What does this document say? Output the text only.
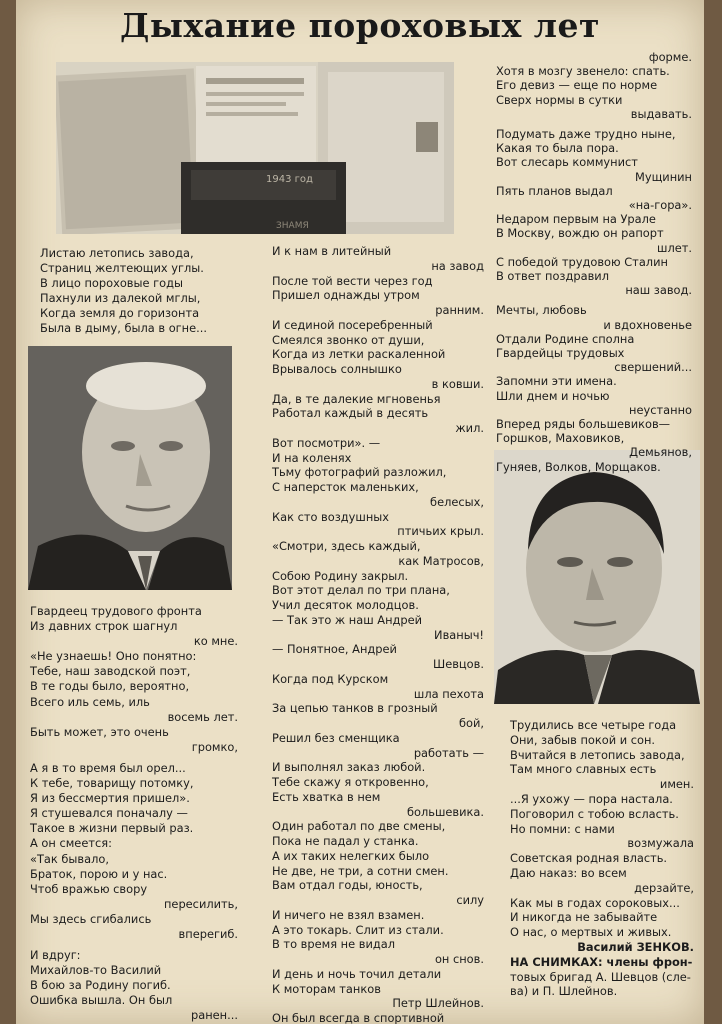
Дыхание пороховых лет
1943 год
ЗНАМЯ
Листаю летопись завода,
Страниц желтеющих углы.
В лицо пороховые годы
Пахнули из далекой мглы,
Когда земля до горизонта
Была в дыму, была в огне...
Гвардеец трудового фронта
Из давних строк шагнул
ко мне.
«Не узнаешь! Оно понятно:
Тебе, наш заводской поэт,
В те годы было, вероятно,
Всего иль семь, иль
восемь лет.
Быть может, это очень
громко,
А я в то время был орел...
К тебе, товарищу потомку,
Я из бессмертия пришел».
Я стушевался поначалу —
Такое в жизни первый раз.
А он смеется:
«Так бывало,
Браток, порою и у нас.
Чтоб вражью свору
пересилить,
Мы здесь сгибались
вперегиб.
И вдруг:
Михайлов-то Василий
В бою за Родину погиб.
Ошибка вышла. Он был
ранен...
И к нам в литейный
на завод
После той вести через год
Пришел однажды утром
ранним.
И сединой посеребренный
Смеялся звонко от души,
Когда из летки раскаленной
Врывалось солнышко
в ковши.
Да, в те далекие мгновенья
Работал каждый в десять
жил.
Вот посмотри». —
И на коленях
Тьму фотографий разложил,
С наперсток маленьких,
белесых,
Как сто воздушных
птичьих крыл.
«Смотри, здесь каждый,
как Матросов,
Собою Родину закрыл.
Вот этот делал по три плана,
Учил десяток молодцов.
— Так это ж наш Андрей
Иваныч!
— Понятное, Андрей
Шевцов.
Когда под Курском
шла пехота
За цепью танков в грозный
бой,
Решил без сменщика
работать —
И выполнял заказ любой.
Тебе скажу я откровенно,
Есть хватка в нем
большевика.
Один работал по две смены,
Пока не падал у станка.
А их таких нелегких было
Не две, не три, а сотни смен.
Вам отдал годы, юность,
силу
И ничего не взял взамен.
А это токарь. Слит из стали.
В то время не видал
он снов.
И день и ночь точил детали
К моторам танков
Петр Шлейнов.
Он был всегда в спортивной
форме.
Хотя в мозгу звенело: спать.
Его девиз — еще по норме
Сверх нормы в сутки
выдавать.
Подумать даже трудно ныне,
Какая то была пора.
Вот слесарь коммунист
Мущинин
Пять планов выдал
«на-гора».
Недаром первым на Урале
В Москву, вождю он рапорт
шлет.
С победой трудовою Сталин
В ответ поздравил
наш завод.
Мечты, любовь
и вдохновенье
Отдали Родине сполна
Гвардейцы трудовых
свершений...
Запомни эти имена.
Шли днем и ночью
неустанно
Вперед ряды большевиков—
Горшков, Маховиков,
Демьянов,
Гуняев, Волков, Морщаков.
Трудились все четыре года
Они, забыв покой и сон.
Вчитайся в летопись завода,
Там много славных есть
имен.
...Я ухожу — пора настала.
Поговорил с тобою всласть.
Но помни: с нами
возмужала
Советская родная власть.
Даю наказ: во всем
дерзайте,
Как мы в годах сороковых...
И никогда не забывайте
О нас, о мертвых и живых.
Василий ЗЕНКОВ.
НА СНИМКАХ: члены фрон-
товых бригад А. Шевцов (сле-
ва) и П. Шлейнов.
